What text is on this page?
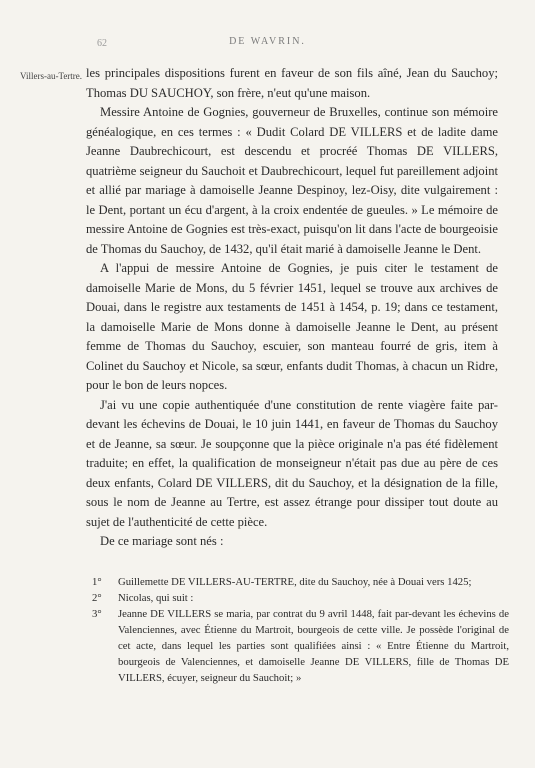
62	DE WAVRIN.
Villers-au-Tertre. les principales dispositions furent en faveur de son fils aîné, Jean du Sauchoy; Thomas DU SAUCHOY, son frère, n'eut qu'une maison.

Messire Antoine de Gognies, gouverneur de Bruxelles, continue son mémoire généalogique, en ces termes : « Dudit Colard DE VILLERS et de ladite dame Jeanne Daubrechicourt, est descendu et procréé Thomas DE VILLERS, quatrième seigneur du Sauchoit et Daubrechicourt, lequel fut pareillement adjoint et allié par mariage à damoiselle Jeanne Despinoy, lez-Oisy, dite vulgairement : le Dent, portant un écu d'argent, à la croix endentée de gueules. » Le mémoire de messire Antoine de Gognies est très-exact, puisqu'on lit dans l'acte de bourgeoisie de Thomas du Sauchoy, de 1432, qu'il était marié à damoiselle Jeanne le Dent.

A l'appui de messire Antoine de Gognies, je puis citer le testament de damoiselle Marie de Mons, du 5 février 1451, lequel se trouve aux archives de Douai, dans le registre aux testaments de 1451 à 1454, p. 19; dans ce testament, la damoiselle Marie de Mons donne à damoiselle Jeanne le Dent, au présent femme de Thomas du Sauchoy, escuier, son manteau fourré de gris, item à Colinet du Sauchoy et Nicole, sa sœur, enfants dudit Thomas, à chacun un Ridre, pour le bon de leurs nopces.

J'ai vu une copie authentiquée d'une constitution de rente viagère faite par-devant les échevins de Douai, le 10 juin 1441, en faveur de Thomas du Sauchoy et de Jeanne, sa sœur. Je soupçonne que la pièce originale n'a pas été fidèlement traduite; en effet, la qualification de monseigneur n'était pas due au père de ces deux enfants, Colard DE VILLERS, dit du Sauchoy, et la désignation de la fille, sous le nom de Jeanne au Tertre, est assez étrange pour dissiper tout doute au sujet de l'authenticité de cette pièce.

De ce mariage sont nés :

1° Guillemette DE VILLERS-AU-TERTRE, dite du Sauchoy, née à Douai vers 1425;
2° Nicolas, qui suit :
3° Jeanne DE VILLERS se maria, par contrat du 9 avril 1448, fait par-devant les échevins de Valenciennes, avec Étienne du Martroit, bourgeois de cette ville. Je possède l'original de cet acte, dans lequel les parties sont qualifiées ainsi : « Entre Étienne du Martroit, bourgeois de Valenciennes, et damoiselle Jeanne DE VILLERS, fille de Thomas DE VILLERS, écuyer, seigneur du Sauchoit; »
